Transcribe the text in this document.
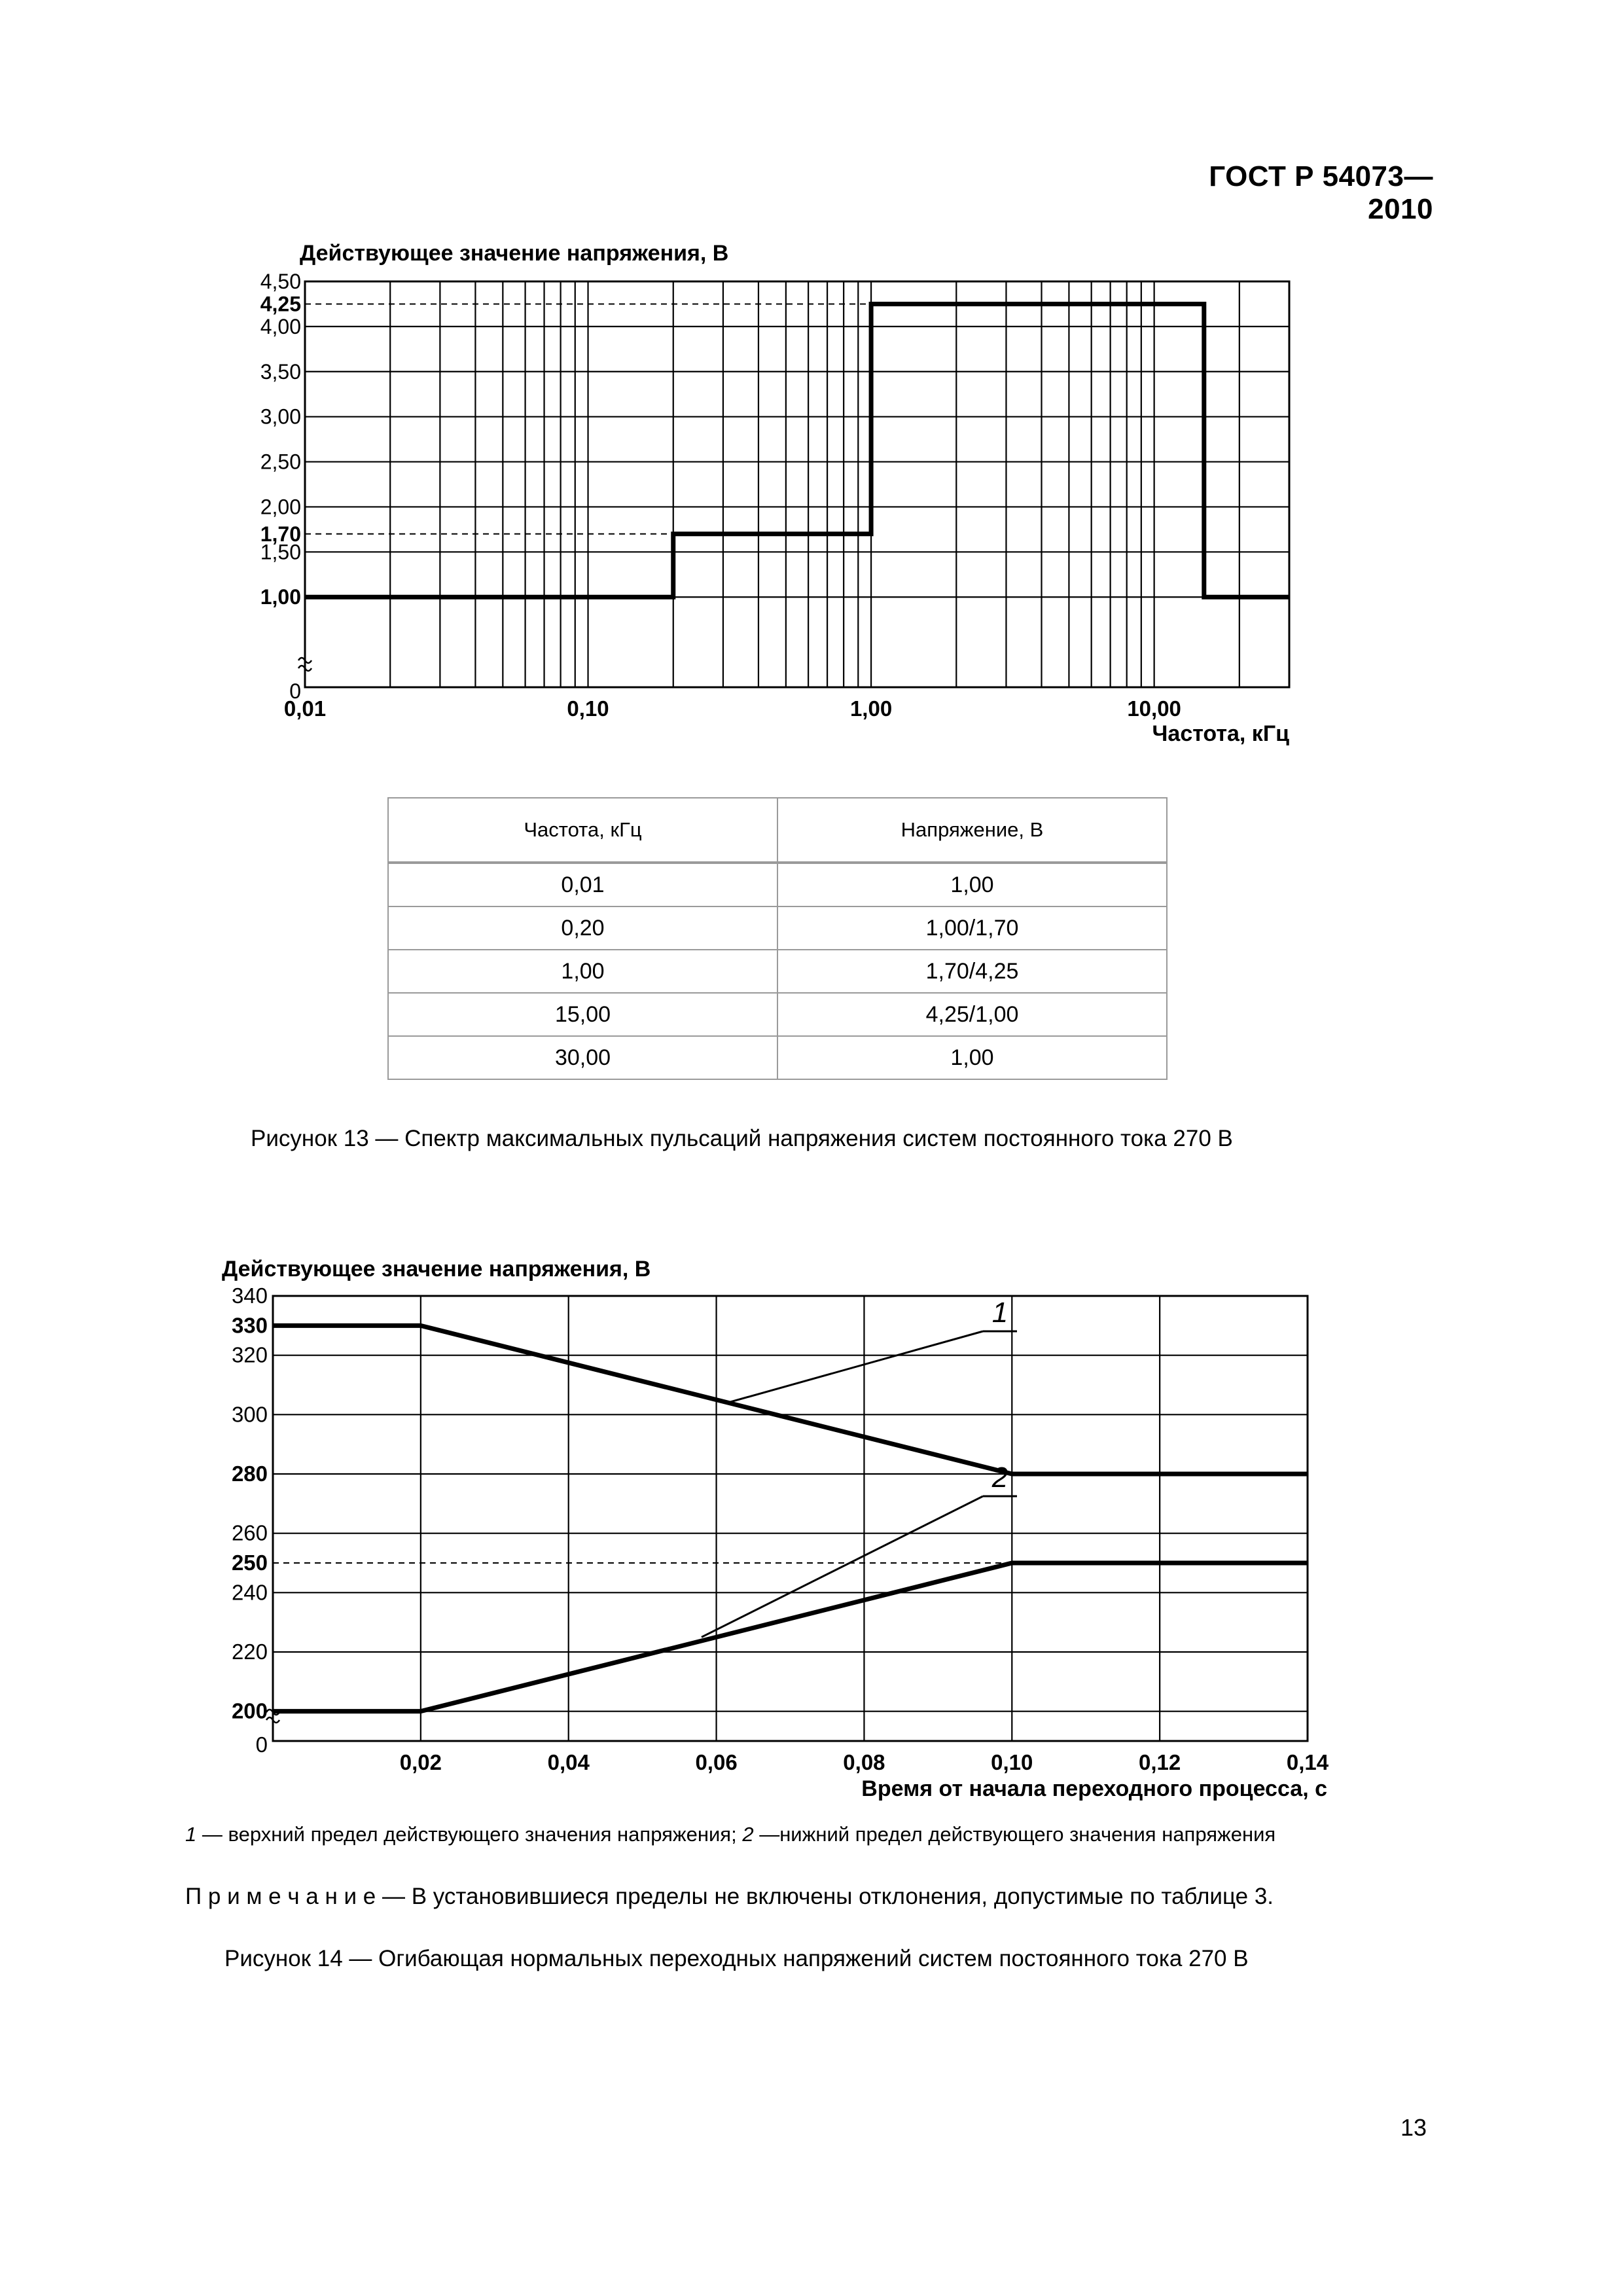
ГОСТ Р 54073—2010
4,50
4,25
4,00
3,50
3,00
2,50
2,00
1,70
1,50
1,00
0
0,01	0,10	1,00	10,00
Действующее значение напряжения, В
Частота, кГц
Частота, кГц	Напряжение, В
0,01	1,00
0,20	1,00/1,70
1,00	1,70/4,25
15,00	4,25/1,00
30,00	1,00
Рисунок 13 — Спектр максимальных пульсаций напряжения систем постоянного тока 270 В
1
2
340
330
320
300
280
260
250
240
220
200
0
0,02	0,04	0,06	0,08	0,10	0,12	0,14
Действующее значение напряжения, В
Время от начала переходного процесса, с
1 — верхний предел действующего значения напряжения; 2 —нижний предел действующего значения напряжения
П р и м е ч а н и е — В установившиеся пределы не включены отклонения, допустимые по таблице 3.
Рисунок 14 — Огибающая нормальных переходных напряжений систем постоянного тока 270 В
13
